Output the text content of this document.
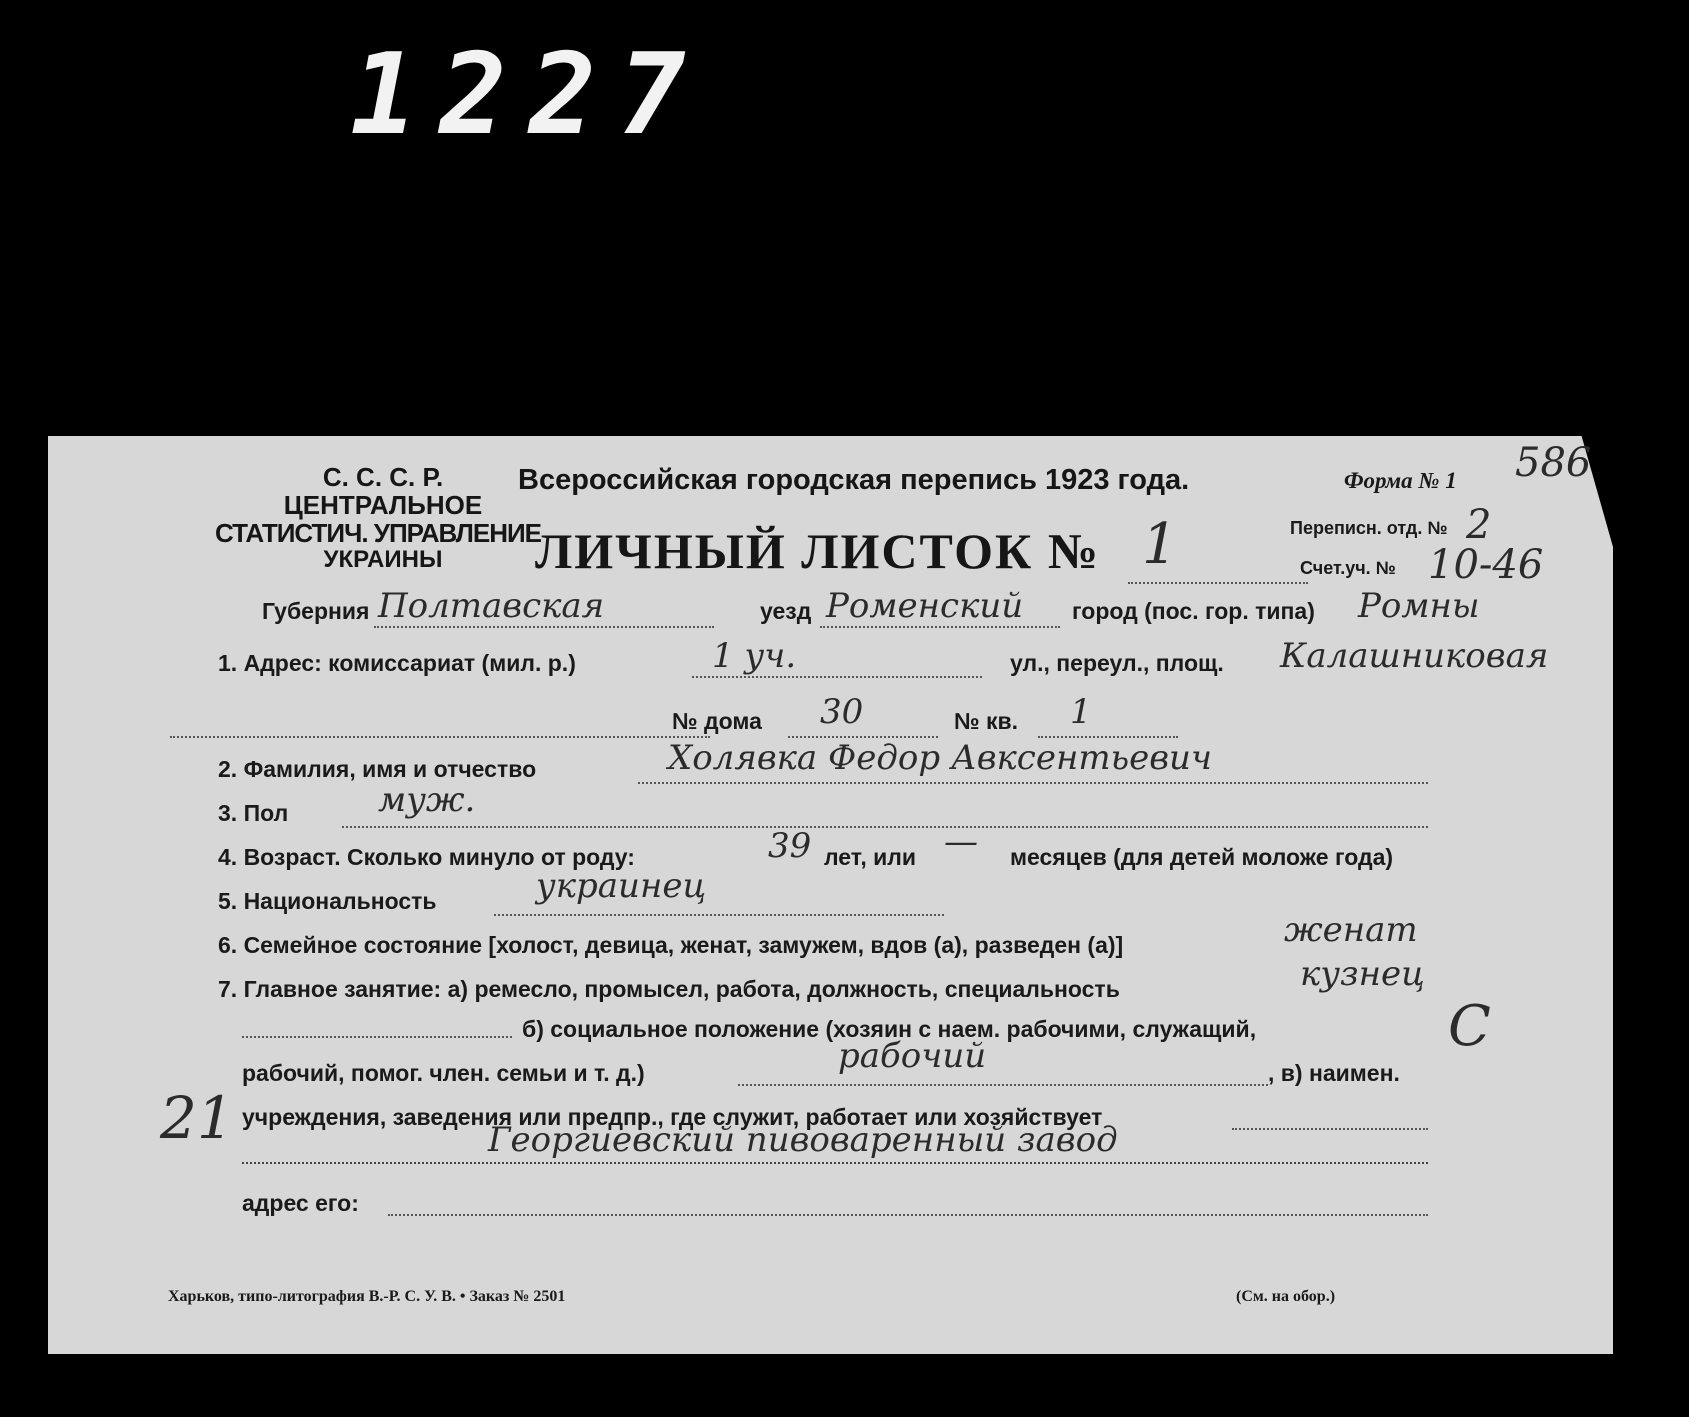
1227
С. С. С. Р.
ЦЕНТРАЛЬНОЕ
СТАТИСТИЧ. УПРАВЛЕНИЕ
УКРАИНЫ
Всероссийская городская перепись 1923 года.	Форма № 1 586
ЛИЧНЫЙ ЛИСТОК № 1	Переписн. отд. № 2
Счет.уч. № 10-46
Губерния Полтавская	уезд Роменский город (пос. гор. типа) Ромны
1. Адрес: комиссариат (мил. р.)	1 уч.	ул., переул., площ. Калашниковая
№ дома 30	№ кв. 1
2. Фамилия, имя и отчество	Холявка Федор Авксентьевич
3. Пол	муж.
4. Возраст. Сколько минуло от роду:	39 лет, или — месяцев (для детей моложе года)
5. Национальность	украинец
6. Семейное состояние [холост, девица, женат, замужем, вдов (а), разведен (а)]	женат
7. Главное занятие: а) ремесло, промысел, работа, должность, специальность	кузнец
б) социальное положение (хозяин с наем. рабочими, служащий,	С
рабочий, помог. член. семьи и т. д.)	рабочий	, в) наимен.
21 учреждения, заведения или предпр., где служит, работает или хозяйствует
Георгиевский пивоваренный завод
адрес его:
Харьков, типо-литография В.-Р. С. У. В. • Заказ № 2501	(См. на обор.)
